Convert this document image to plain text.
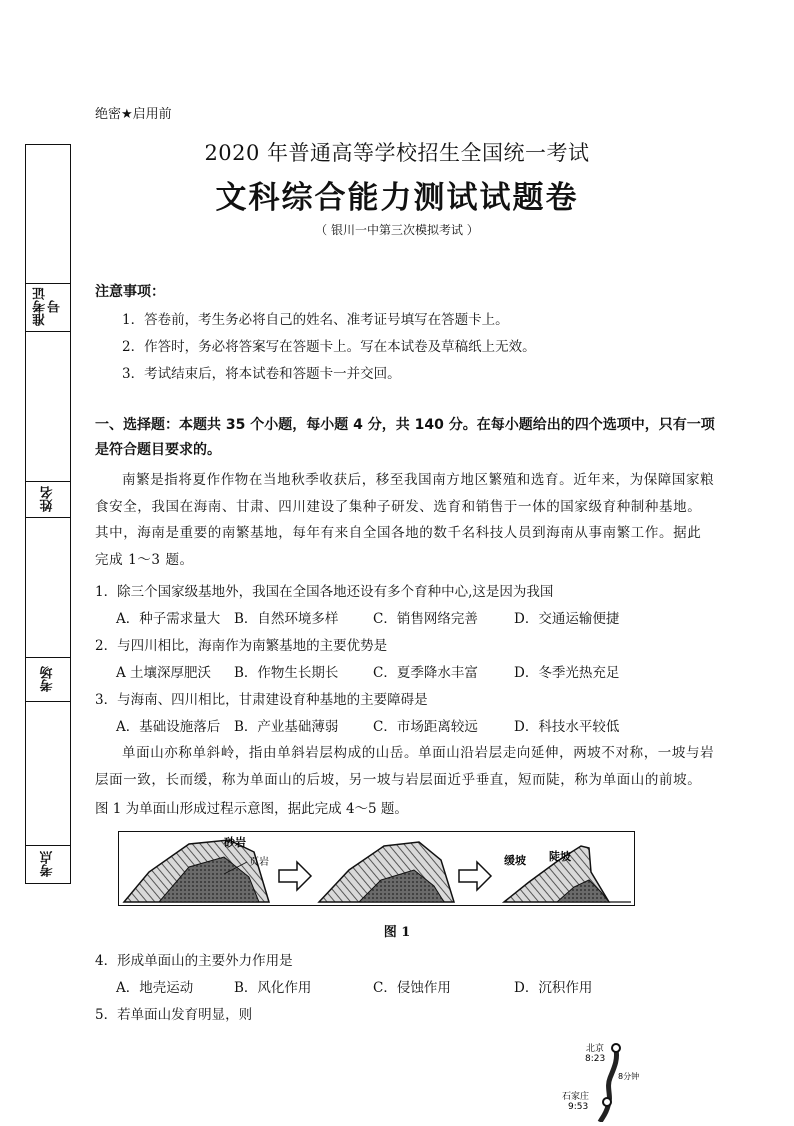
准考证号
姓名
考场
考点
绝密★启用前
2020 年普通高等学校招生全国统一考试
文科综合能力测试试题卷
（ 银川一中第三次模拟考试 ）
注意事项：
1．答卷前，考生务必将自己的姓名、准考证号填写在答题卡上。
2．作答时，务必将答案写在答题卡上。写在本试卷及草稿纸上无效。
3．考试结束后，将本试卷和答题卡一并交回。
一、选择题：本题共 35 个小题，每小题 4 分，共 140 分。在每小题给出的四个选项中，只有一项是符合题目要求的。
南繁是指将夏作作物在当地秋季收获后，移至我国南方地区繁殖和选育。近年来，为保障国家粮食安全，我国在海南、甘肃、四川建设了集种子研发、选育和销售于一体的国家级育种制种基地。其中，海南是重要的南繁基地，每年有来自全国各地的数千名科技人员到海南从事南繁工作。据此完成 1～3 题。
1．除三个国家级基地外，我国在全国各地还设有多个育种中心,这是因为我国
A．种子需求量大 B．自然环境多样	C．销售网络完善	D．交通运输便捷
2．与四川相比，海南作为南繁基地的主要优势是
A 土壤深厚肥沃 B．作物生长期长	C．夏季降水丰富	D．冬季光热充足
3．与海南、四川相比，甘肃建设育种基地的主要障碍是
A．基础设施落后 B．产业基础薄弱	C．市场距离较远	D．科技水平较低
单面山亦称单斜岭，指由单斜岩层构成的山岳。单面山沿岩层走向延伸，两坡不对称，一坡与岩层面一致，长而缓，称为单面山的后坡，另一坡与岩层面近乎垂直，短而陡，称为单面山的前坡。
图 1 为单面山形成过程示意图，据此完成 4～5 题。
砂岩
页岩	缓坡 陡坡
图 1
4．形成单面山的主要外力作用是
A．地壳运动	B．风化作用	C．侵蚀作用	D．沉积作用
5．若单面山发育明显，则
北京
8:23
8分钟
石家庄
9:53
